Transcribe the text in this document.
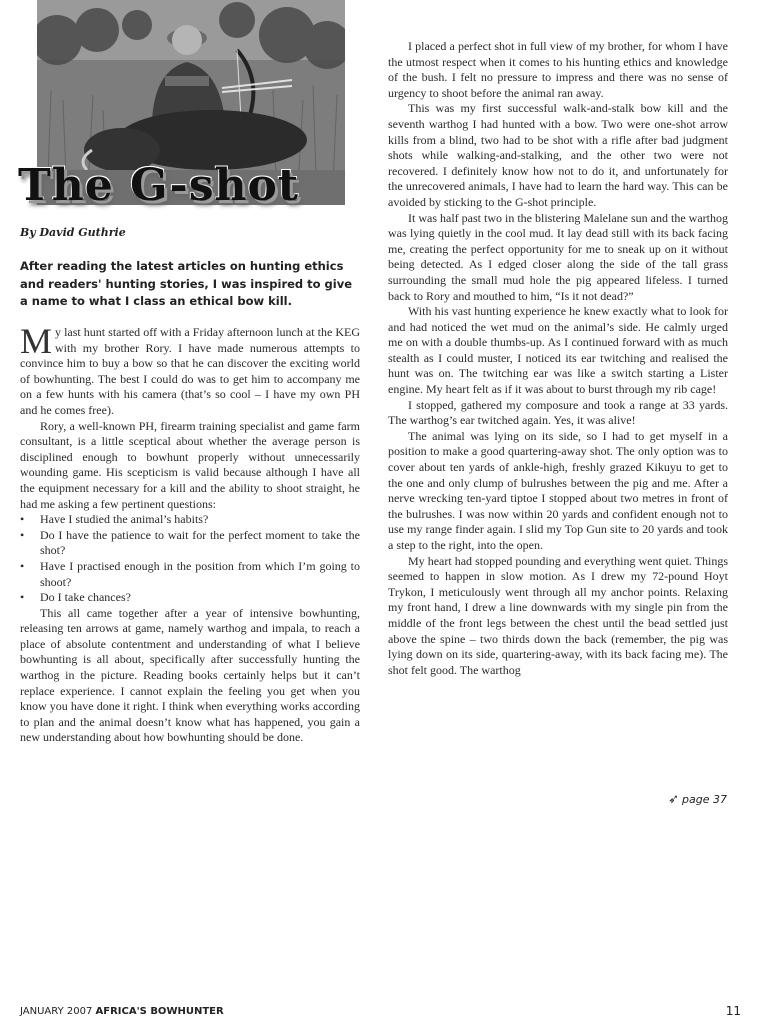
The G-shot

By David Guthrie

After reading the latest articles on hunting ethics and readers' hunting stories, I was inspired to give a name to what I class an ethical bow kill.

My last hunt started off with a Friday afternoon lunch at the KEG with my brother Rory. I have made numerous attempts to convince him to buy a bow so that he can discover the exciting world of bowhunting. The best I could do was to get him to accompany me on a few hunts with his camera (that’s so cool – I have my own PH and he comes free).

Rory, a well-known PH, firearm training specialist and game farm consultant, is a little sceptical about whether the average person is disciplined enough to bowhunt properly without unnecessarily wounding game. His scepticism is valid because although I have all the equipment necessary for a kill and the ability to shoot straight, he had me asking a few pertinent questions:

• Have I studied the animal’s habits?
• Do I have the patience to wait for the perfect moment to take the shot?
• Have I practised enough in the position from which I’m going to shoot?
• Do I take chances?

This all came together after a year of intensive bowhunting, releasing ten arrows at game, namely warthog and impala, to reach a place of absolute contentment and understanding of what I believe bowhunting is all about, specifically after successfully hunting the warthog in the picture. Reading books certainly helps but it can’t replace experience. I cannot explain the feeling you get when you know you have done it right. I think when everything works according to plan and the animal doesn’t know what has happened, you gain a new understanding about how bowhunting should be done.

I placed a perfect shot in full view of my brother, for whom I have the utmost respect when it comes to his hunting ethics and knowledge of the bush. I felt no pressure to impress and there was no sense of urgency to shoot before the animal ran away.

This was my first successful walk-and-stalk bow kill and the seventh warthog I had hunted with a bow. Two were one-shot arrow kills from a blind, two had to be shot with a rifle after bad judgment shots while walking-and-stalking, and the other two were not recovered. I definitely know how not to do it, and unfortunately for the unrecovered animals, I have had to learn the hard way. This can be avoided by sticking to the G-shot principle.

It was half past two in the blistering Malelane sun and the warthog was lying quietly in the cool mud. It lay dead still with its back facing me, creating the perfect opportunity for me to sneak up on it without being detected. As I edged closer along the side of the tall grass surrounding the small mud hole the pig appeared lifeless. I turned back to Rory and mouthed to him, “Is it not dead?”

With his vast hunting experience he knew exactly what to look for and had noticed the wet mud on the animal’s side. He calmly urged me on with a double thumbs-up. As I continued forward with as much stealth as I could muster, I noticed its ear twitching and realised the hunt was on. The twitching ear was like a switch starting a Lister engine. My heart felt as if it was about to burst through my rib cage!

I stopped, gathered my composure and took a range at 33 yards. The warthog’s ear twitched again. Yes, it was alive!

The animal was lying on its side, so I had to get myself in a position to make a good quartering-away shot. The only option was to cover about ten yards of ankle-high, freshly grazed Kikuyu to get to the one and only clump of bulrushes between the pig and me. After a nerve wrecking ten-yard tiptoe I stopped about two metres in front of the bulrushes. I was now within 20 yards and confident enough not to use my range finder again. I slid my Top Gun site to 20 yards and took a step to the right, into the open.

My heart had stopped pounding and everything went quiet. Things seemed to happen in slow motion. As I drew my 72-pound Hoyt Trykon, I meticulously went through all my anchor points. Relaxing my front hand, I drew a line downwards with my single pin from the middle of the front legs between the chest until the bead settled just above the spine – two thirds down the back (remember, the pig was lying down on its side, quartering-away, with its back facing me). The shot felt good. The warthog

➶ page 37
JANUARY 2007 AFRICA'S BOWHUNTER	11
